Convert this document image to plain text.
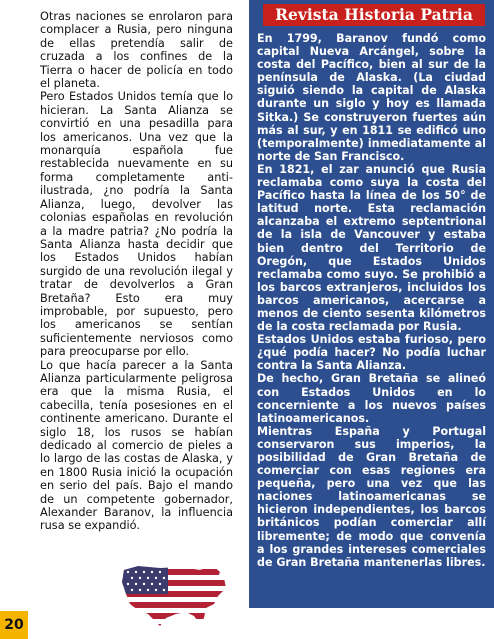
Otras naciones se enrolaron para complacer a Rusia, pero ninguna de ellas pretendía salir de cruzada a los confines de la Tierra o hacer de policía en todo el planeta.

Pero Estados Unidos temía que lo hicieran. La Santa Alianza se convirtió en una pesadilla para los americanos. Una vez que la monarquía española fue restablecida nuevamente en su forma completamente anti-ilustrada, ¿no podría la Santa Alianza, luego, devolver las colonias españolas en revolución a la madre patria? ¿No podría la Santa Alianza hasta decidir que los Estados Unidos habían surgido de una revolución ilegal y tratar de devolverlos a Gran Bretaña? Esto era muy improbable, por supuesto, pero los americanos se sentían suficientemente nerviosos como para preocuparse por ello.

Lo que hacía parecer a la Santa Alianza particularmente peligrosa era que la misma Rusia, el cabecilla, tenía posesiones en el continente americano. Durante el siglo 18, los rusos se habían dedicado al comercio de pieles a lo largo de las costas de Alaska, y en 1800 Rusia inició la ocupación en serio del país. Bajo el mando de un competente gobernador, Alexander Baranov, la influencia rusa se expandió.

Revista Historia Patria

En 1799, Baranov fundó como capital Nueva Arcángel, sobre la costa del Pacífico, bien al sur de la península de Alaska. (La ciudad siguió siendo la capital de Alaska durante un siglo y hoy es llamada Sitka.) Se construyeron fuertes aún más al sur, y en 1811 se edificó uno (temporalmente) inmediatamente al norte de San Francisco.

En 1821, el zar anunció que Rusia reclamaba como suya la costa del Pacífico hasta la línea de los 50° de latitud norte. Esta reclamación alcanzaba el extremo septentrional de la isla de Vancouver y estaba bien dentro del Territorio de Oregón, que Estados Unidos reclamaba como suyo. Se prohibió a los barcos extranjeros, incluidos los barcos americanos, acercarse a menos de ciento sesenta kilómetros de la costa reclamada por Rusia.

Estados Unidos estaba furioso, pero ¿qué podía hacer? No podía luchar contra la Santa Alianza.

De hecho, Gran Bretaña se alineó con Estados Unidos en lo concerniente a los nuevos países latinoamericanos.

Mientras España y Portugal conservaron sus imperios, la posibilidad de Gran Bretaña de comerciar con esas regiones era pequeña, pero una vez que las naciones latinoamericanas se hicieron independientes, los barcos británicos podían comerciar allí libremente; de modo que convenía a los grandes intereses comerciales de Gran Bretaña mantenerlas libres.

20
